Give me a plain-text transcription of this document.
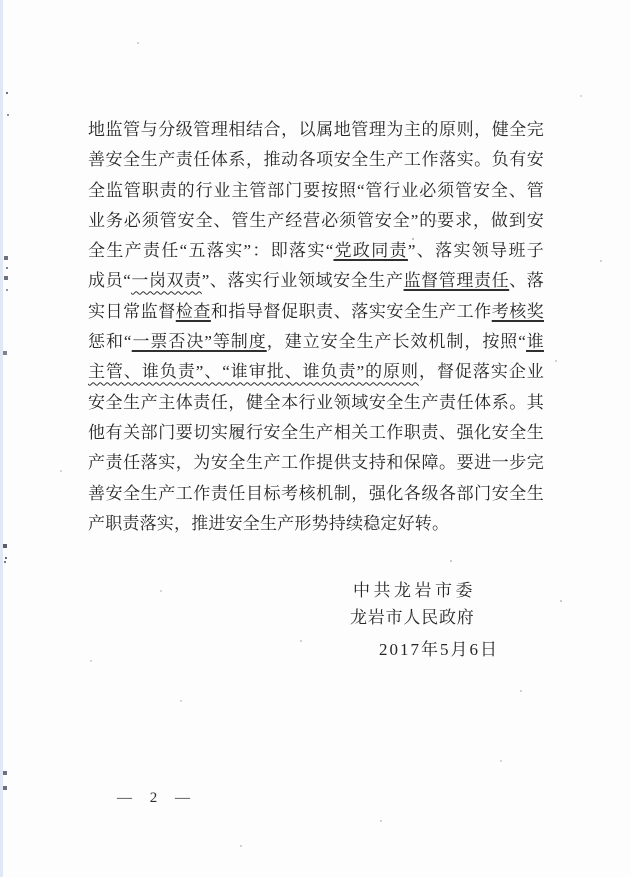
地监管与分级管理相结合，以属地管理为主的原则，健全完
善安全生产责任体系，推动各项安全生产工作落实。负有安
全监管职责的行业主管部门要按照“管行业必须管安全、管
业务必须管安全、管生产经营必须管安全”的要求，做到安
全生产责任“五落实”：即落实“党政同责”、落实领导班子
成员“一岗双责”、落实行业领域安全生产监督管理责任、落
实日常监督检查和指导督促职责、落实安全生产工作考核奖
惩和“一票否决”等制度，建立安全生产长效机制，按照“谁
主管、谁负责”、“谁审批、谁负责”的原则，督促落实企业
安全生产主体责任，健全本行业领域安全生产责任体系。其
他有关部门要切实履行安全生产相关工作职责、强化安全生
产责任落实，为安全生产工作提供支持和保障。要进一步完
善安全生产工作责任目标考核机制，强化各级各部门安全生
产职责落实，推进安全生产形势持续稳定好转。
中共龙岩市委
龙岩市人民政府
2017年5月6日
— 2 —
